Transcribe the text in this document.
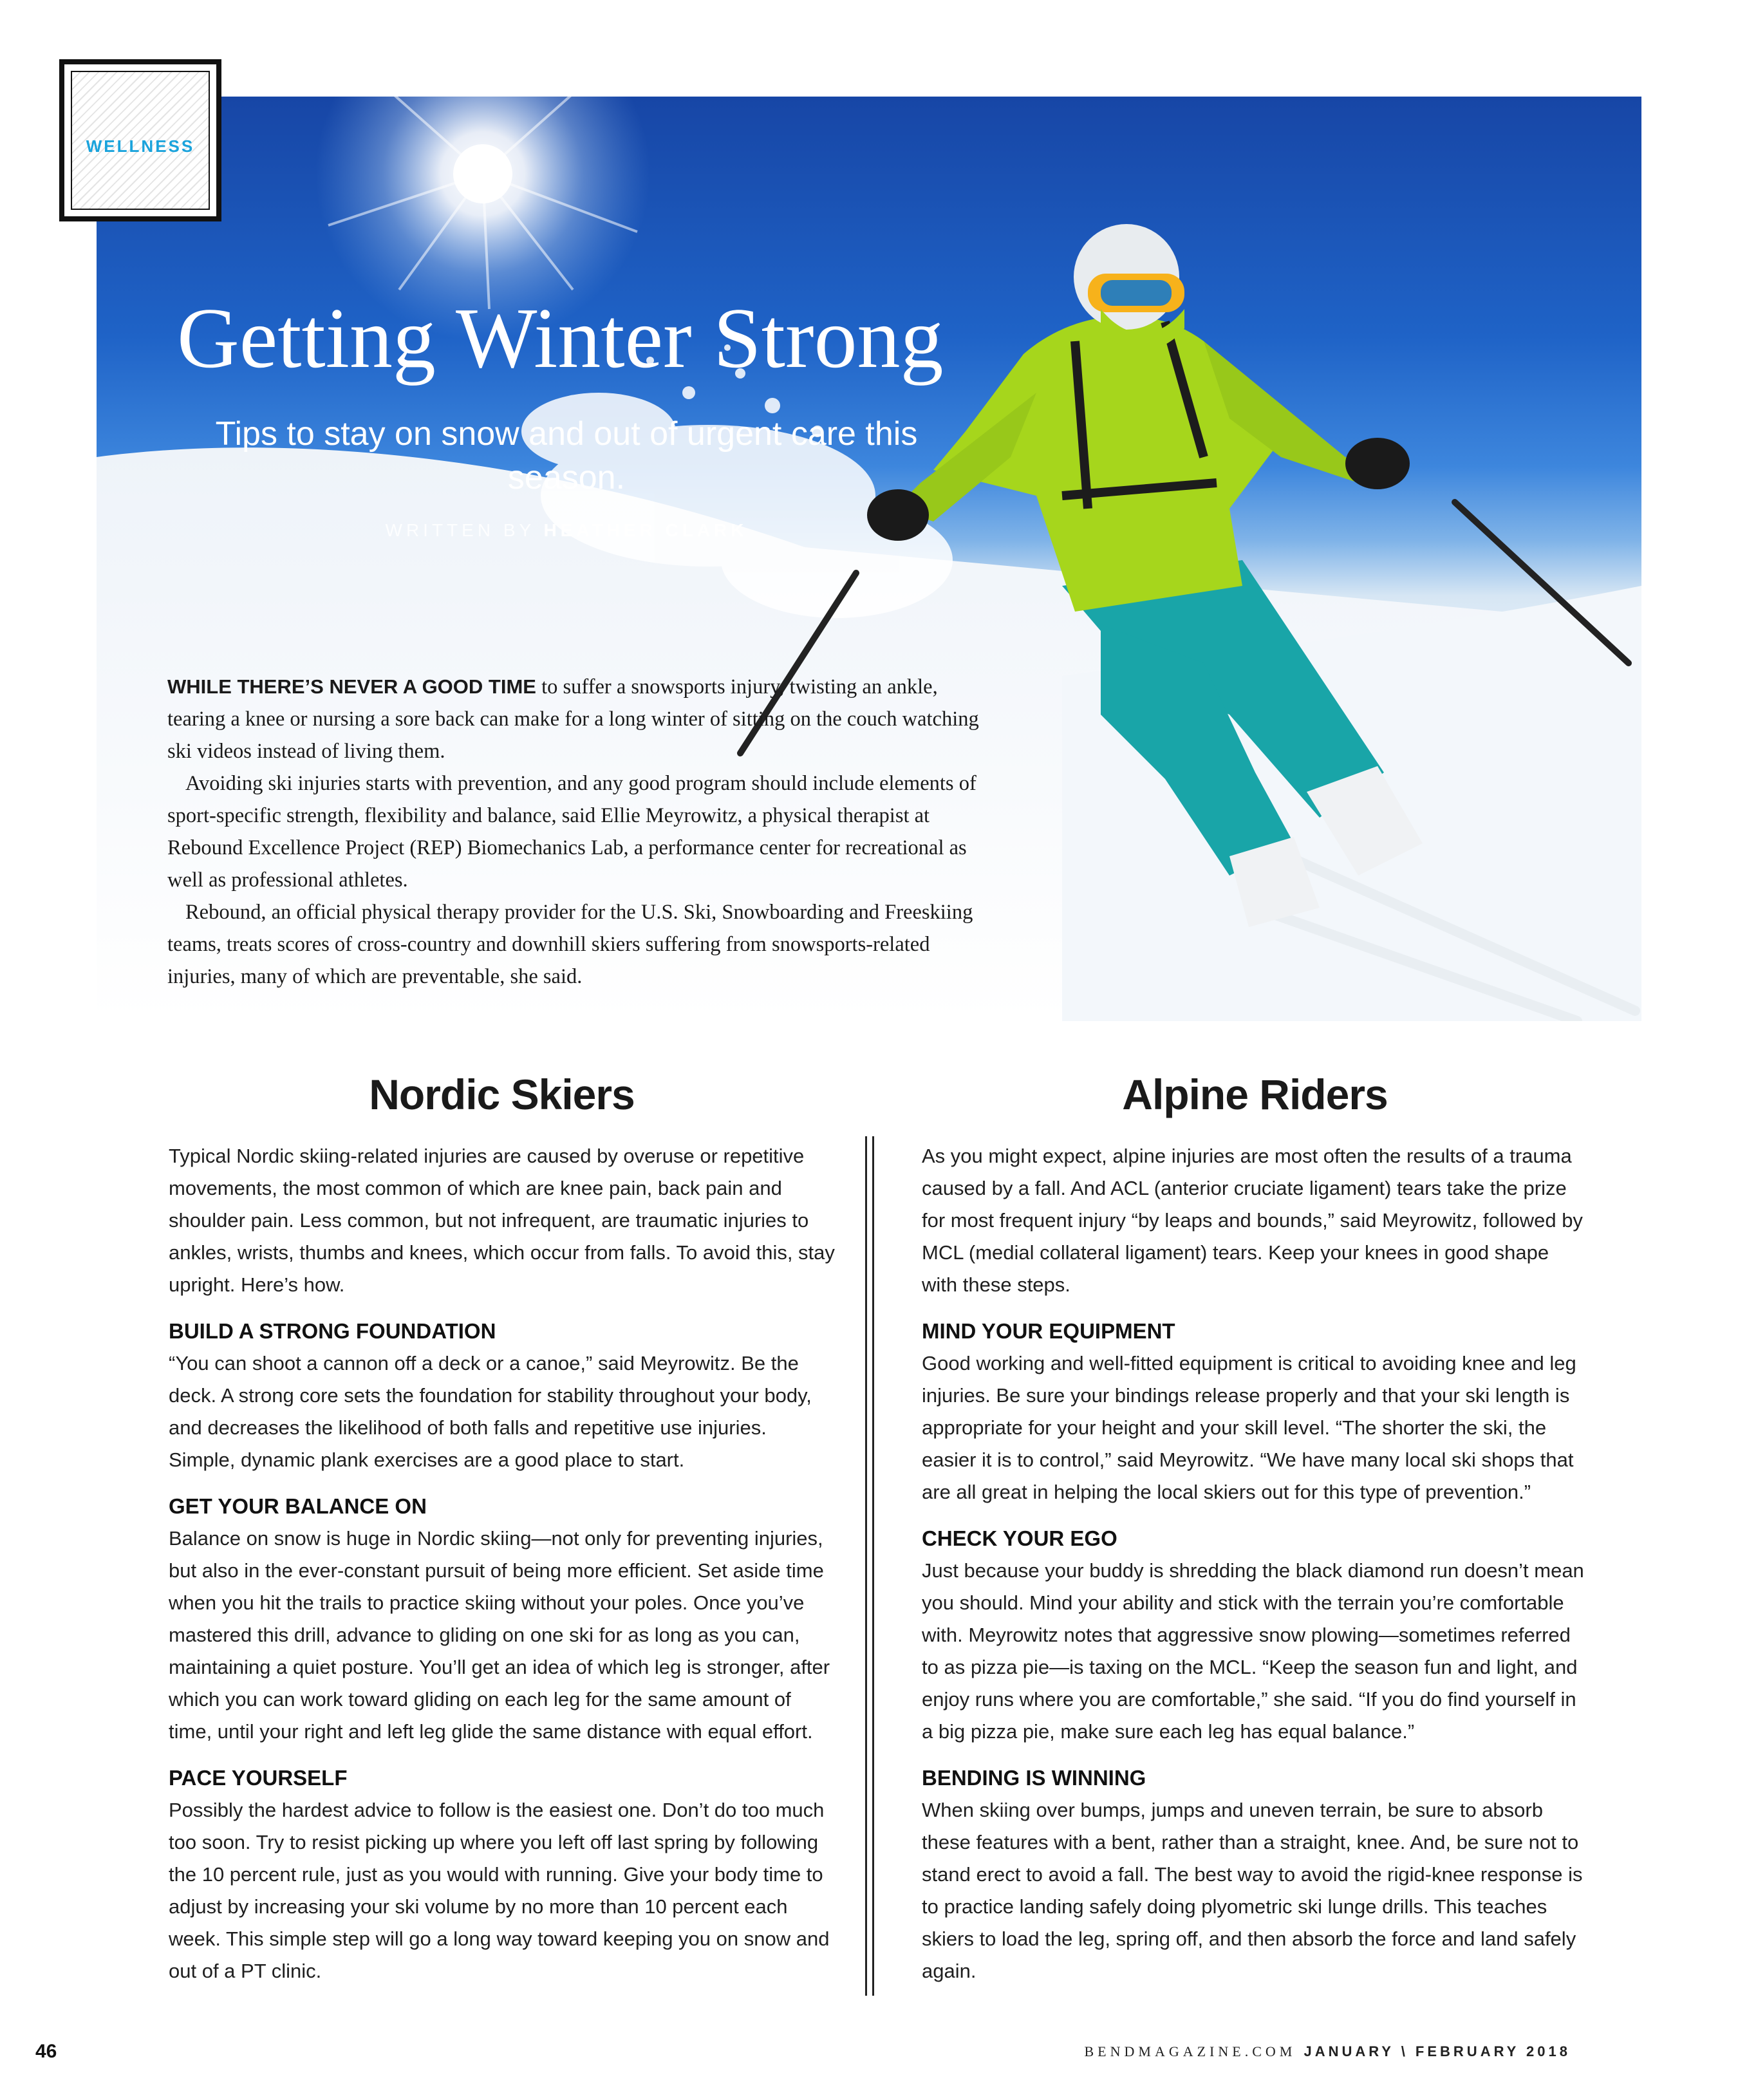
WELLNESS
Getting Winter Strong
Tips to stay on snow and out of urgent care this season.
WRITTEN BY HEATHER CLARK

WHILE THERE’S NEVER A GOOD TIME to suffer a snowsports injury, twisting an ankle, tearing a knee or nursing a sore back can make for a long winter of sitting on the couch watching ski videos instead of living them.

Avoiding ski injuries starts with prevention, and any good program should include elements of sport-specific strength, flexibility and balance, said Ellie Meyrowitz, a physical therapist at Rebound Excellence Project (REP) Biomechanics Lab, a performance center for recreational as well as professional athletes.

Rebound, an official physical therapy provider for the U.S. Ski, Snowboarding and Freeskiing teams, treats scores of cross-country and downhill skiers suffering from snowsports-related injuries, many of which are preventable, she said.

Nordic Skiers

Typical Nordic skiing-related injuries are caused by overuse or repetitive movements, the most common of which are knee pain, back pain and shoulder pain. Less common, but not infrequent, are traumatic injuries to ankles, wrists, thumbs and knees, which occur from falls. To avoid this, stay upright. Here’s how.

BUILD A STRONG FOUNDATION

“You can shoot a cannon off a deck or a canoe,” said Meyrowitz. Be the deck. A strong core sets the foundation for stability throughout your body, and decreases the likelihood of both falls and repetitive use injuries. Simple, dynamic plank exercises are a good place to start.

GET YOUR BALANCE ON

Balance on snow is huge in Nordic skiing—not only for preventing injuries, but also in the ever-constant pursuit of being more efficient. Set aside time when you hit the trails to practice skiing without your poles. Once you’ve mastered this drill, advance to gliding on one ski for as long as you can, maintaining a quiet posture. You’ll get an idea of which leg is stronger, after which you can work toward gliding on each leg for the same amount of time, until your right and left leg glide the same distance with equal effort.

PACE YOURSELF

Possibly the hardest advice to follow is the easiest one. Don’t do too much too soon. Try to resist picking up where you left off last spring by following the 10 percent rule, just as you would with running. Give your body time to adjust by increasing your ski volume by no more than 10 percent each week. This simple step will go a long way toward keeping you on snow and out of a PT clinic.

Alpine Riders

As you might expect, alpine injuries are most often the results of a trauma caused by a fall. And ACL (anterior cruciate ligament) tears take the prize for most frequent injury “by leaps and bounds,” said Meyrowitz, followed by MCL (medial collateral ligament) tears. Keep your knees in good shape with these steps.

MIND YOUR EQUIPMENT

Good working and well-fitted equipment is critical to avoiding knee and leg injuries. Be sure your bindings release properly and that your ski length is appropriate for your height and your skill level. “The shorter the ski, the easier it is to control,” said Meyrowitz. “We have many local ski shops that are all great in helping the local skiers out for this type of prevention.”

CHECK YOUR EGO

Just because your buddy is shredding the black diamond run doesn’t mean you should. Mind your ability and stick with the terrain you’re comfortable with. Meyrowitz notes that aggressive snow plowing—sometimes referred to as pizza pie—is taxing on the MCL. “Keep the season fun and light, and enjoy runs where you are comfortable,” she said. “If you do find yourself in a big pizza pie, make sure each leg has equal balance.”

BENDING IS WINNING

When skiing over bumps, jumps and uneven terrain, be sure to absorb these features with a bent, rather than a straight, knee. And, be sure not to stand erect to avoid a fall. The best way to avoid the rigid-knee response is to practice landing safely doing plyometric ski lunge drills. This teaches skiers to load the leg, spring off, and then absorb the force and land safely again.

46	BENDMAGAZINE.COM JANUARY \ FEBRUARY 2018
